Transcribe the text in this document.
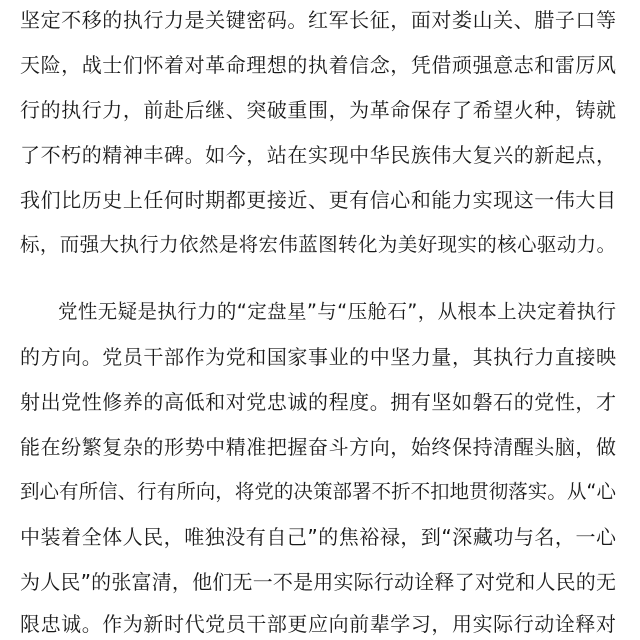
坚定不移的执行力是关键密码。红军长征，面对娄山关、腊子口等
天险，战士们怀着对革命理想的执着信念，凭借顽强意志和雷厉风
行的执行力，前赴后继、突破重围，为革命保存了希望火种，铸就
了不朽的精神丰碑。如今，站在实现中华民族伟大复兴的新起点，
我们比历史上任何时期都更接近、更有信心和能力实现这一伟大目
标，而强大执行力依然是将宏伟蓝图转化为美好现实的核心驱动力。
党性无疑是执行力的“定盘星”与“压舱石”，从根本上决定着执行
的方向。党员干部作为党和国家事业的中坚力量，其执行力直接映
射出党性修养的高低和对党忠诚的程度。拥有坚如磐石的党性，才
能在纷繁复杂的形势中精准把握奋斗方向，始终保持清醒头脑，做
到心有所信、行有所向，将党的决策部署不折不扣地贯彻落实。从“心
中装着全体人民，唯独没有自己”的焦裕禄，到“深藏功与名，一心
为人民”的张富清，他们无一不是用实际行动诠释了对党和人民的无
限忠诚。作为新时代党员干部更应向前辈学习，用实际行动诠释对
